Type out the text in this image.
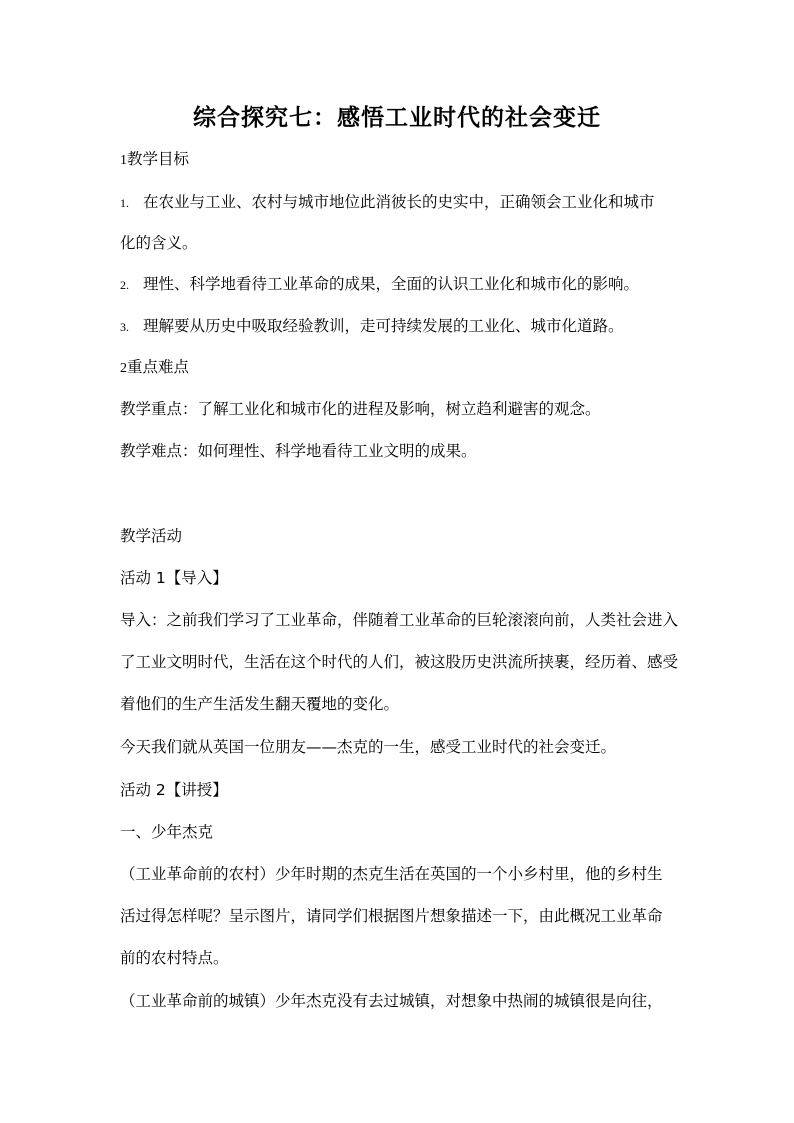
综合探究七：感悟工业时代的社会变迁
1教学目标
1. 在农业与工业、农村与城市地位此消彼长的史实中，正确领会工业化和城市
化的含义。
2. 理性、科学地看待工业革命的成果，全面的认识工业化和城市化的影响。
3. 理解要从历史中吸取经验教训，走可持续发展的工业化、城市化道路。
2重点难点
教学重点：了解工业化和城市化的进程及影响，树立趋利避害的观念。
教学难点：如何理性、科学地看待工业文明的成果。
教学活动
活动 1【导入】
导入：之前我们学习了工业革命，伴随着工业革命的巨轮滚滚向前，人类社会进入
了工业文明时代，生活在这个时代的人们，被这股历史洪流所挟裹，经历着、感受
着他们的生产生活发生翻天覆地的变化。
今天我们就从英国一位朋友——杰克的一生，感受工业时代的社会变迁。
活动 2【讲授】
一、少年杰克
（工业革命前的农村）少年时期的杰克生活在英国的一个小乡村里，他的乡村生
活过得怎样呢？呈示图片，请同学们根据图片想象描述一下，由此概况工业革命
前的农村特点。
（工业革命前的城镇）少年杰克没有去过城镇，对想象中热闹的城镇很是向往，
